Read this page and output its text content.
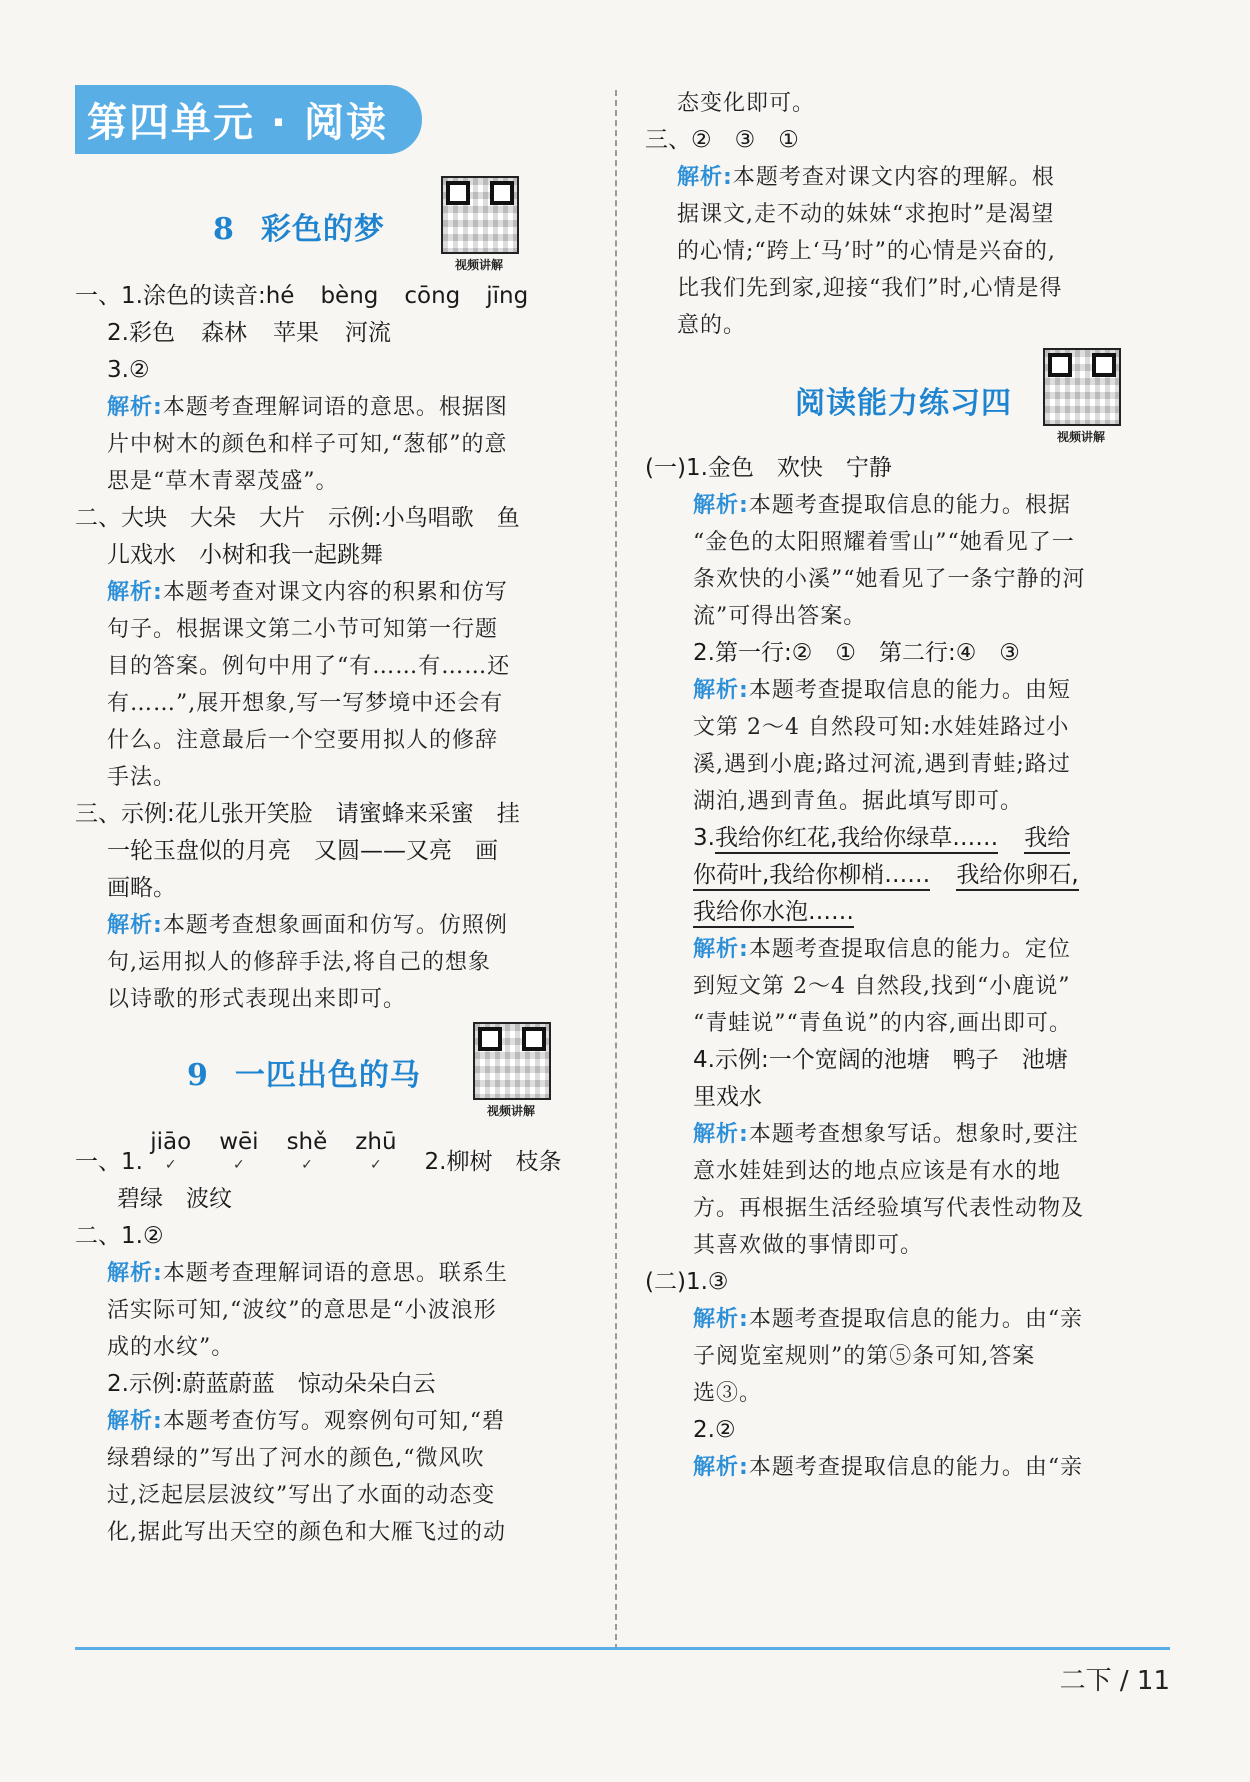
第四单元 · 阅读
8 彩色的梦
视频讲解

一、1.涂色的读音:hé bèng cōng jīng

2.彩色 森林 苹果 河流

3.②

解析:本题考查理解词语的意思。根据图
片中树木的颜色和样子可知,“葱郁”的意
思是“草木青翠茂盛”。

二、大块　大朵　大片　示例:小鸟唱歌　鱼

儿戏水　小树和我一起跳舞

解析:本题考查对课文内容的积累和仿写
句子。根据课文第二小节可知第一行题
目的答案。例句中用了“有……有……还
有……”,展开想象,写一写梦境中还会有
什么。注意最后一个空要用拟人的修辞
手法。

三、示例:花儿张开笑脸　请蜜蜂来采蜜　挂

一轮玉盘似的月亮　又圆——又亮　画

画略。

解析:本题考查想象画面和仿写。仿照例
句,运用拟人的修辞手法,将自己的想象
以诗歌的形式表现出来即可。
9 一匹出色的马
视频讲解

一、1. jiāo
✓
wēi
✓
shě
✓
zhū
✓	2.柳树　枝条

碧绿　波纹

二、1.②

解析:本题考查理解词语的意思。联系生
活实际可知,“波纹”的意思是“小波浪形
成的水纹”。

2.示例:蔚蓝蔚蓝　惊动朵朵白云

解析:本题考查仿写。观察例句可知,“碧
绿碧绿的”写出了河水的颜色,“微风吹
过,泛起层层波纹”写出了水面的动态变
化,据此写出天空的颜色和大雁飞过的动
态变化即可。

三、②　③　①

解析:本题考查对课文内容的理解。根
据课文,走不动的妹妹“求抱时”是渴望
的心情;“跨上‘马’时”的心情是兴奋的,
比我们先到家,迎接“我们”时,心情是得
意的。
阅读能力练习四
视频讲解

(一)1.金色　欢快　宁静

解析:本题考查提取信息的能力。根据
“金色的太阳照耀着雪山”“她看见了一
条欢快的小溪”“她看见了一条宁静的河
流”可得出答案。

2.第一行:②　①　第二行:④　③

解析:本题考查提取信息的能力。由短
文第 2～4 自然段可知:水娃娃路过小
溪,遇到小鹿;路过河流,遇到青蛙;路过
湖泊,遇到青鱼。据此填写即可。

3.我给你红花,我给你绿草…… 我给

你荷叶,我给你柳梢…… 我给你卵石,

我给你水泡……

解析:本题考查提取信息的能力。定位
到短文第 2～4 自然段,找到“小鹿说”
“青蛙说”“青鱼说”的内容,画出即可。

4.示例:一个宽阔的池塘　鸭子　池塘

里戏水

解析:本题考查想象写话。想象时,要注
意水娃娃到达的地点应该是有水的地
方。再根据生活经验填写代表性动物及
其喜欢做的事情即可。

(二)1.③

解析:本题考查提取信息的能力。由“亲
子阅览室规则”的第⑤条可知,答案
选③。

2.②

解析:本题考查提取信息的能力。由“亲
二下 / 11
